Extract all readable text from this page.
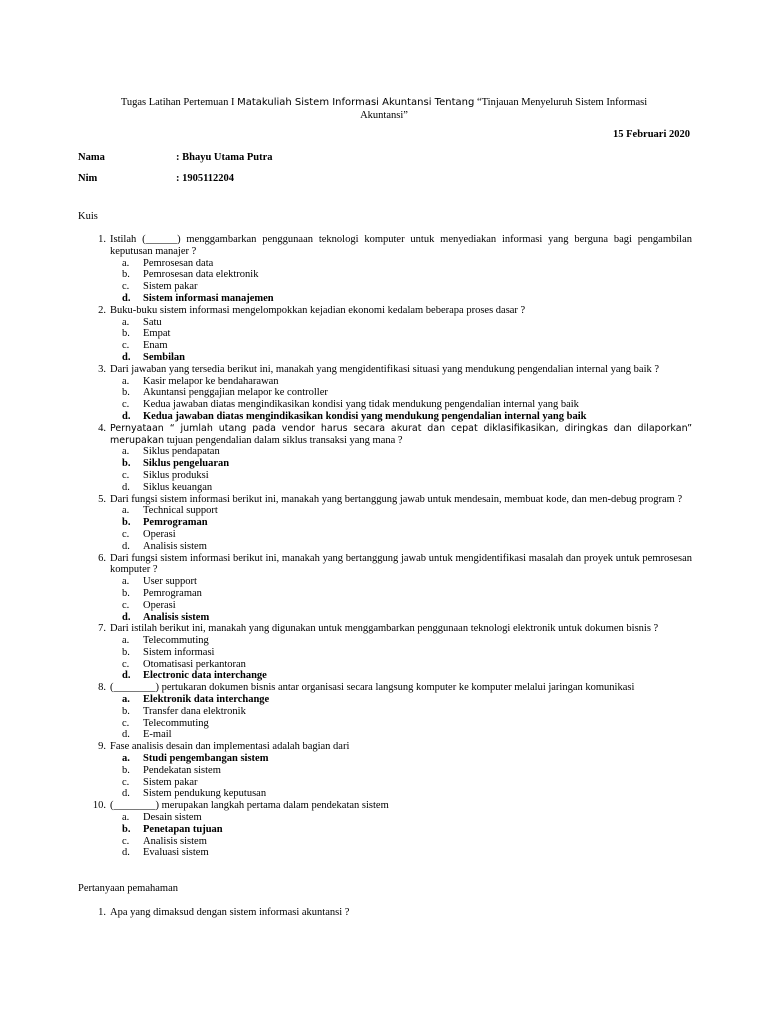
Tugas Latihan Pertemuan I Matakuliah Sistem Informasi Akuntansi Tentang “Tinjauan Menyeluruh Sistem Informasi
Akuntansi”
15 Februari 2020
Nama	: Bhayu Utama Putra
Nim	: 1905112204
Kuis
1. Istilah (______) menggambarkan penggunaan teknologi komputer untuk menyediakan informasi yang berguna bagi pengambilan keputusan manajer ?
a.	Pemrosesan data
b.	Pemrosesan data elektronik
c.	Sistem pakar
d.	Sistem informasi manajemen
2. Buku-buku sistem informasi mengelompokkan kejadian ekonomi kedalam beberapa proses dasar ?
a.	Satu
b.	Empat
c.	Enam
d.	Sembilan
3. Dari jawaban yang tersedia berikut ini, manakah yang mengidentifikasi situasi yang mendukung pengendalian internal yang baik ?
a.	Kasir melapor ke bendaharawan
b.	Akuntansi penggajian melapor ke controller
c.	Kedua jawaban diatas mengindikasikan kondisi yang tidak mendukung pengendalian internal yang baik
d.	Kedua jawaban diatas mengindikasikan kondisi yang mendukung pengendalian internal yang baik
4. Pernyataan “ jumlah utang pada vendor harus secara akurat dan cepat diklasifikasikan, diringkas dan dilaporkan” merupakan tujuan pengendalian dalam siklus transaksi yang mana ?
a.	Siklus pendapatan
b.	Siklus pengeluaran
c.	Siklus produksi
d.	Siklus keuangan
5. Dari fungsi sistem informasi berikut ini, manakah yang bertanggung jawab untuk mendesain, membuat kode, dan men-debug program ?
a.	Technical support
b.	Pemrograman
c.	Operasi
d.	Analisis sistem
6. Dari fungsi sistem informasi berikut ini, manakah yang bertanggung jawab untuk mengidentifikasi masalah dan proyek untuk pemrosesan komputer ?
a.	User support
b.	Pemrograman
c.	Operasi
d.	Analisis sistem
7. Dari istilah berikut ini, manakah yang digunakan untuk menggambarkan penggunaan teknologi elektronik untuk dokumen bisnis ?
a.	Telecommuting
b.	Sistem informasi
c.	Otomatisasi perkantoran
d.	Electronic data interchange
8. (________) pertukaran dokumen bisnis antar organisasi secara langsung komputer ke komputer melalui jaringan komunikasi
a.	Elektronik data interchange
b.	Transfer dana elektronik
c.	Telecommuting
d.	E-mail
9. Fase analisis desain dan implementasi adalah bagian dari
a.	Studi pengembangan sistem
b.	Pendekatan sistem
c.	Sistem pakar
d.	Sistem pendukung keputusan
10. (________) merupakan langkah pertama dalam pendekatan sistem
a.	Desain sistem
b.	Penetapan tujuan
c.	Analisis sistem
d.	Evaluasi sistem
Pertanyaan pemahaman
1. Apa yang dimaksud dengan sistem informasi akuntansi ?
